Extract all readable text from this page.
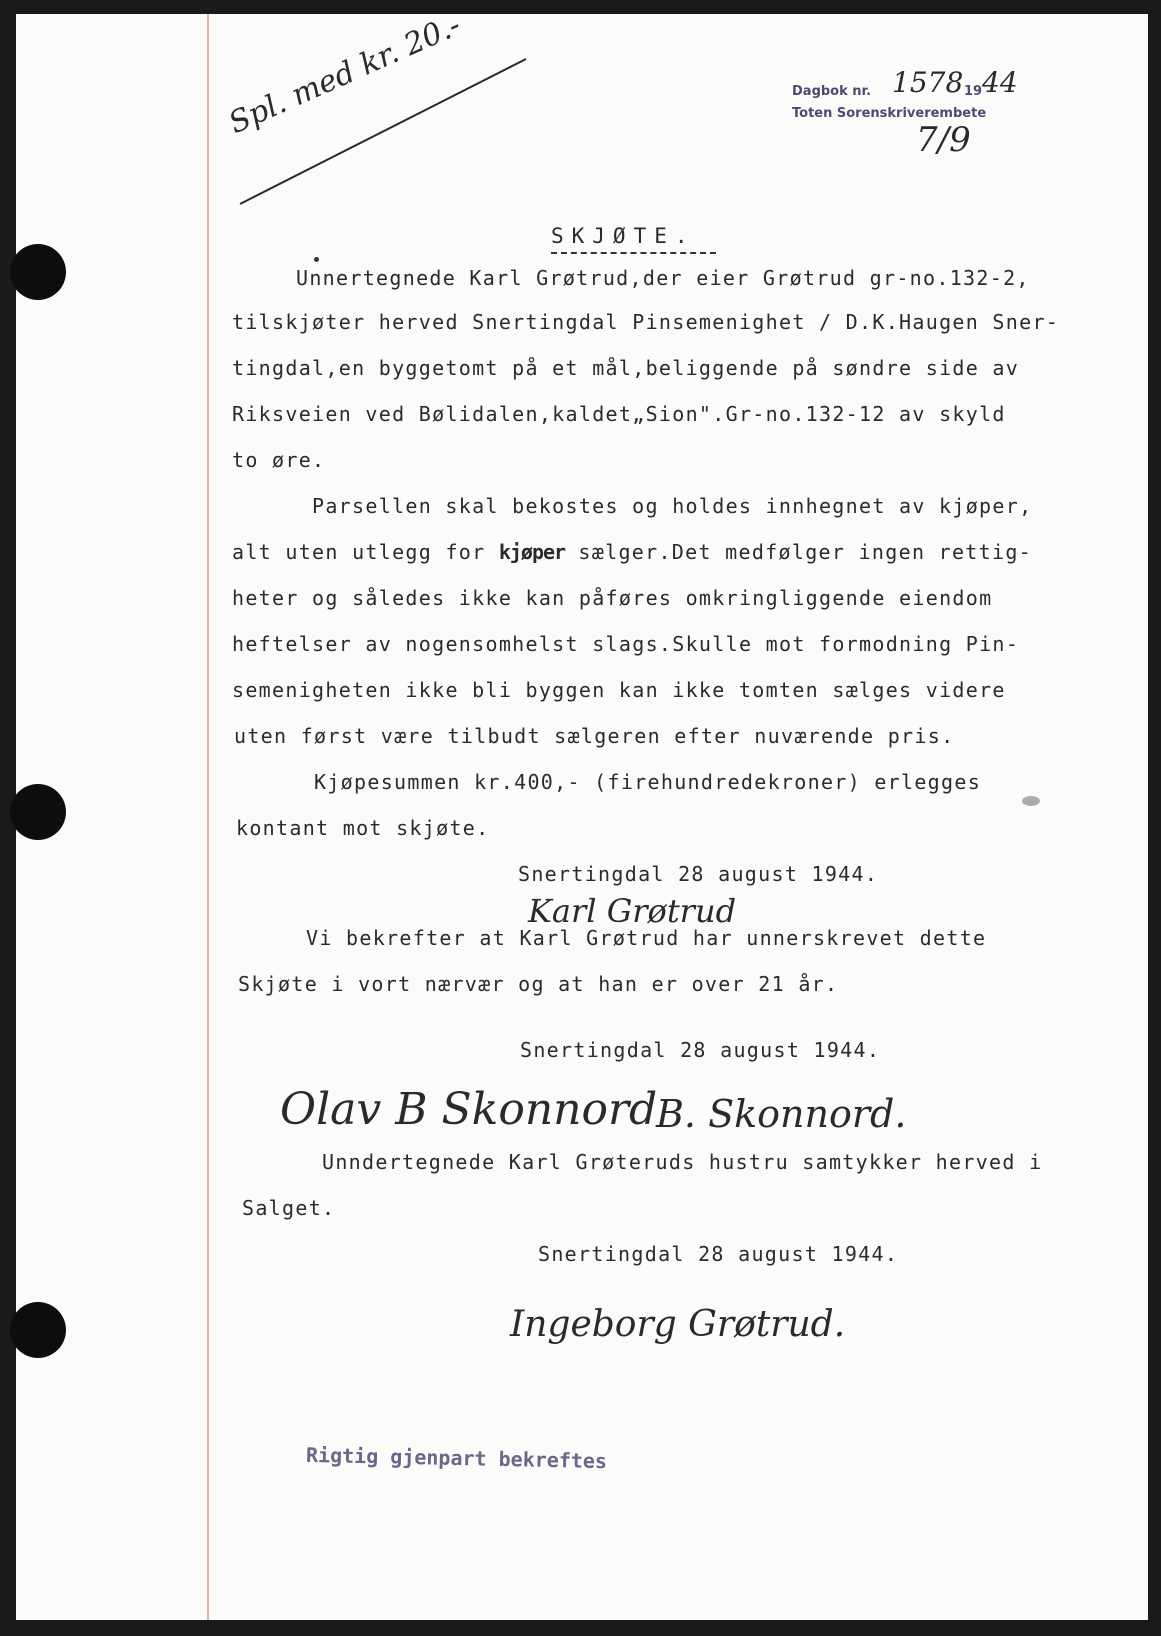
Spl. med kr. 20.-	Dagbok nr. 1578 19 44
Toten Sorenskriverembete
7/9
SKJØTE.
Unnertegnede Karl Grøtrud,der eier Grøtrud gr-no.132-2,
tilskjøter herved Snertingdal Pinsemenighet / D.K.Haugen Sner-
tingdal,en byggetomt på et mål,beliggende på søndre side av
Riksveien ved Bølidalen,kaldet„Sion".Gr-no.132-12 av skyld
to øre.
Parsellen skal bekostes og holdes innhegnet av kjøper,
alt uten utlegg for kjøper sælger.Det medfølger ingen rettig-
heter og således ikke kan påføres omkringliggende eiendom
heftelser av nogensomhelst slags.Skulle mot formodning Pin-
semenigheten ikke bli byggen kan ikke tomten sælges videre
uten først være tilbudt sælgeren efter nuværende pris.
Kjøpesummen kr.400,- (firehundredekroner) erlegges
kontant mot skjøte.
Snertingdal 28 august 1944.
Karl Grøtrud
Vi bekrefter at Karl Grøtrud har unnerskrevet dette
Skjøte i vort nærvær og at han er over 21 år.
Snertingdal 28 august 1944.
Olav B Skonnord
B. Skonnord.
Unndertegnede Karl Grøteruds hustru samtykker herved i
Salget.
Snertingdal 28 august 1944.
Ingeborg Grøtrud.
Rigtig gjenpart bekreftes
